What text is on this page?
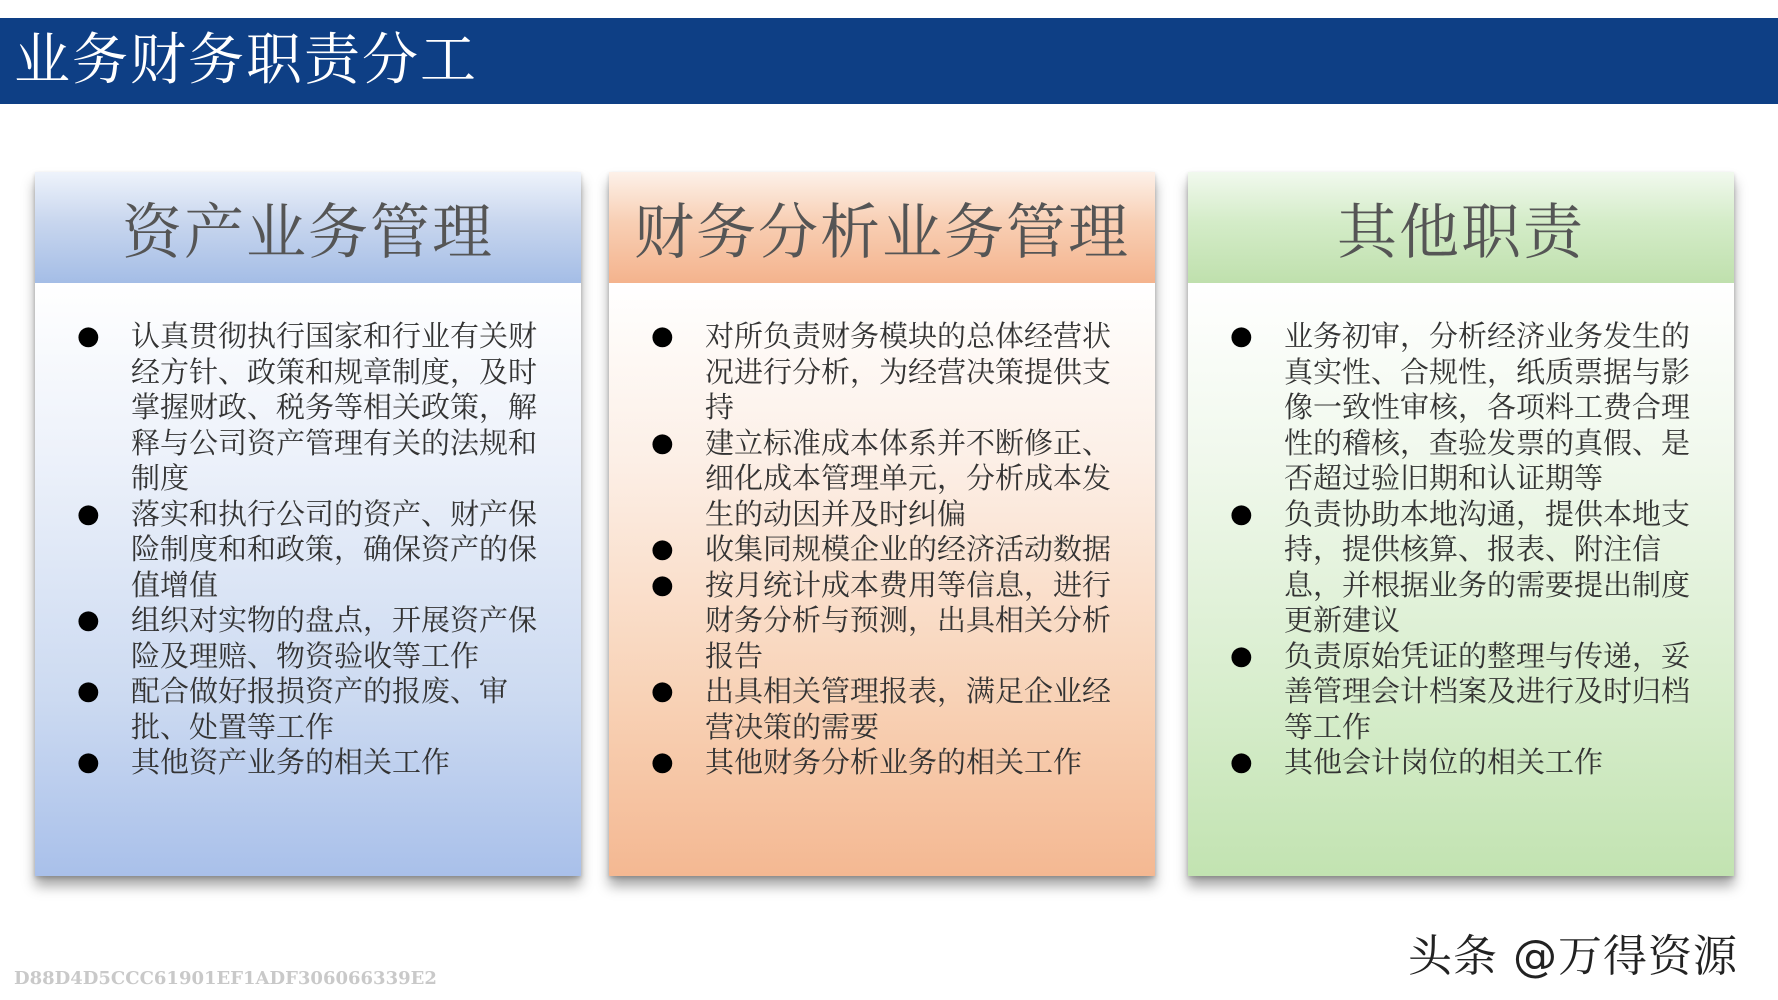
业务财务职责分工
资产业务管理
● 认真贯彻执行国家和行业有关财经方针、政策和规章制度，及时掌握财政、税务等相关政策，解释与公司资产管理有关的法规和制度
● 落实和执行公司的资产、财产保险制度和和政策，确保资产的保值增值
● 组织对实物的盘点，开展资产保险及理赔、物资验收等工作
● 配合做好报损资产的报废、审批、处置等工作
● 其他资产业务的相关工作
财务分析业务管理
● 对所负责财务模块的总体经营状况进行分析，为经营决策提供支持
● 建立标准成本体系并不断修正、细化成本管理单元，分析成本发生的动因并及时纠偏
● 收集同规模企业的经济活动数据
● 按月统计成本费用等信息，进行财务分析与预测，出具相关分析报告
● 出具相关管理报表，满足企业经营决策的需要
● 其他财务分析业务的相关工作
其他职责
● 业务初审，分析经济业务发生的真实性、合规性，纸质票据与影像一致性审核，各项料工费合理性的稽核，查验发票的真假、是否超过验旧期和认证期等
● 负责协助本地沟通，提供本地支持，提供核算、报表、附注信息，并根据业务的需要提出制度更新建议
● 负责原始凭证的整理与传递，妥善管理会计档案及进行及时归档等工作
● 其他会计岗位的相关工作
头条 @万得资源
D88D4D5CCC61901EF1ADF306066339E2
